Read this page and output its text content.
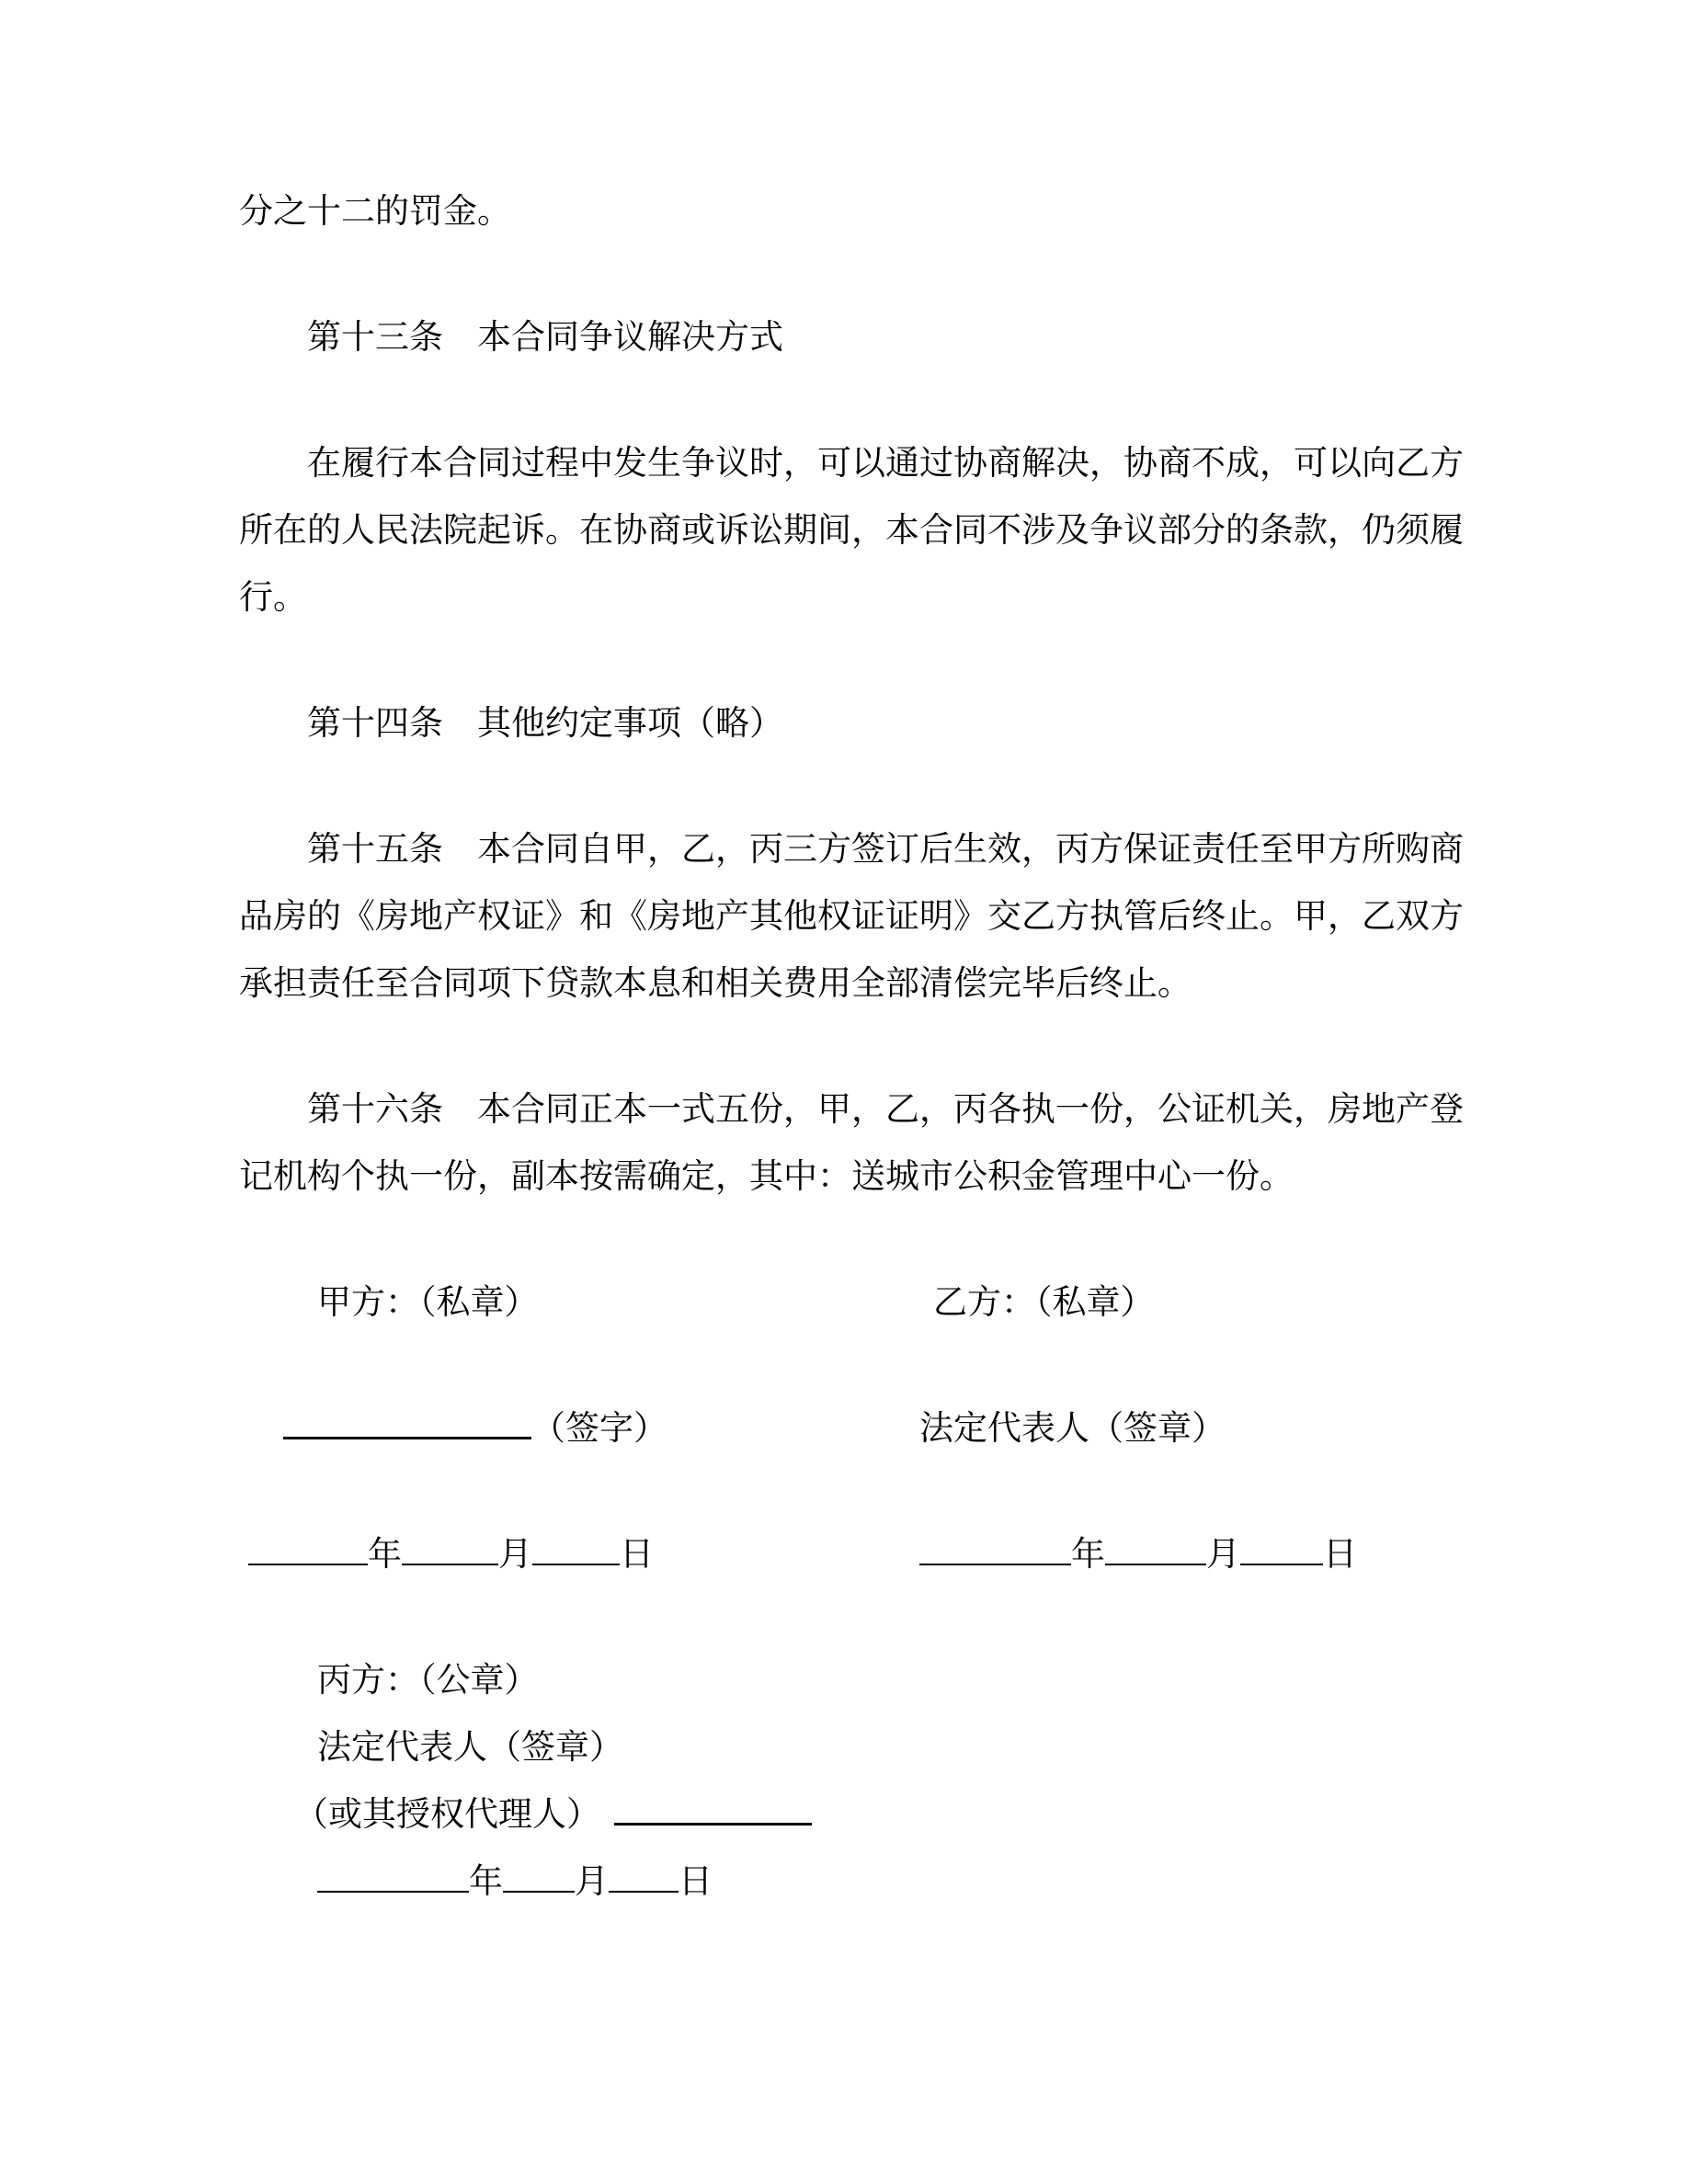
分之十二的罚金。
第十三条　本合同争议解决方式
在履行本合同过程中发生争议时，可以通过协商解决，协商不成，可以向乙方
所在的人民法院起诉。在协商或诉讼期间，本合同不涉及争议部分的条款，仍须履
行。
第十四条　其他约定事项（略）
第十五条　本合同自甲，乙，丙三方签订后生效，丙方保证责任至甲方所购商
品房的《房地产权证》和《房地产其他权证证明》交乙方执管后终止。甲，乙双方
承担责任至合同项下贷款本息和相关费用全部清偿完毕后终止。
第十六条　本合同正本一式五份，甲，乙，丙各执一份，公证机关，房地产登
记机构个执一份，副本按需确定，其中：送城市公积金管理中心一份。
甲方：（私章）	乙方：（私章）
（签字）	法定代表人（签章）
年	月	日	年	月 日
丙方：（公章）
法定代表人（签章）
（或其授权代理人）
年 月 日
